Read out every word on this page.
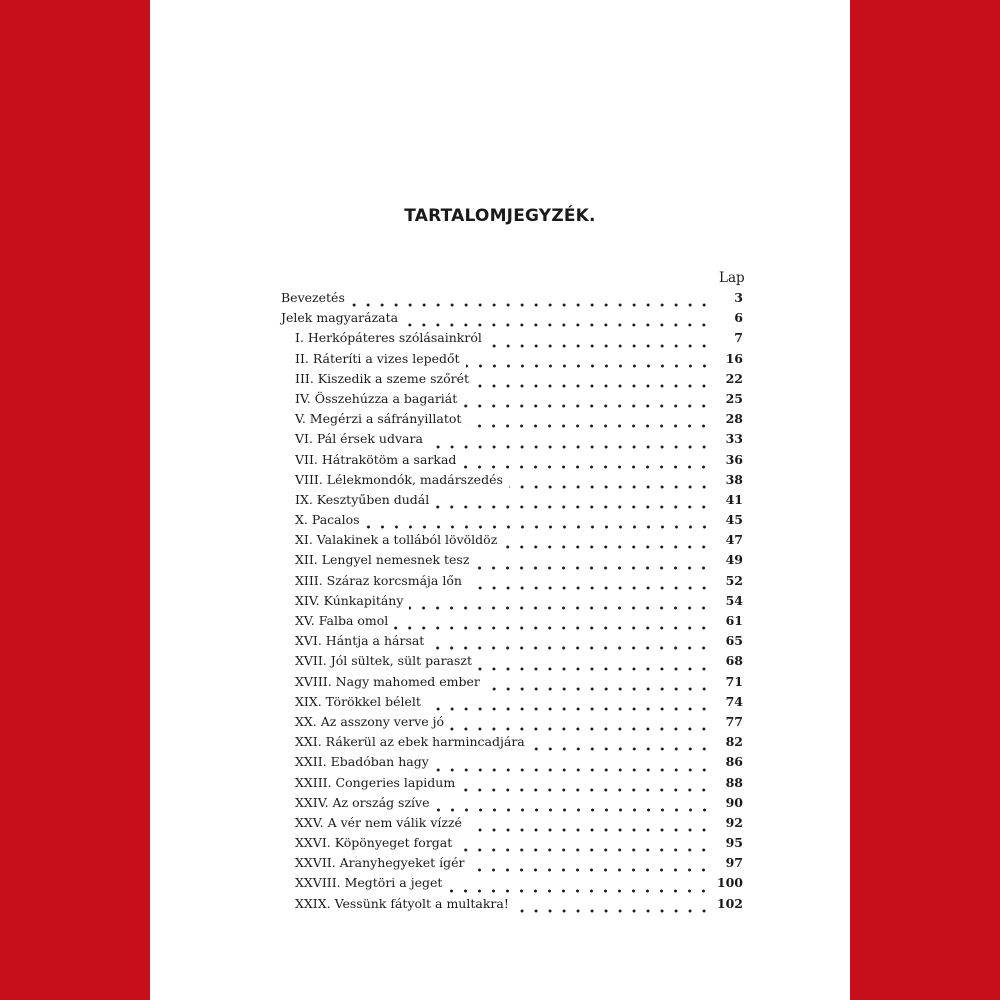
TARTALOMJEGYZÉK.
Lap
Bevezetés	3
Jelek magyarázata	6
I. Herkópáteres szólásainkról	7
II. Ráteríti a vizes lepedőt	16
III. Kiszedik a szeme szőrét	22
IV. Összehúzza a bagariát	25
V. Megérzi a sáfrányillatot	28
VI. Pál érsek udvara	33
VII. Hátrakötöm a sarkad	36
VIII. Lélekmondók, madárszedés	38
IX. Kesztyűben dudál	41
X. Pacalos	45
XI. Valakinek a tollából lövöldöz	47
XII. Lengyel nemesnek tesz	49
XIII. Száraz korcsmája lőn	52
XIV. Kúnkapitány	54
XV. Falba omol	61
XVI. Hántja a hársat	65
XVII. Jól sültek, sült paraszt	68
XVIII. Nagy mahomed ember	71
XIX. Törökkel bélelt	74
XX. Az asszony verve jó	77
XXI. Rákerül az ebek harmincadjára	82
XXII. Ebadóban hagy	86
XXIII. Congeries lapidum	88
XXIV. Az ország szíve	90
XXV. A vér nem válik vízzé	92
XXVI. Köpönyeget forgat	95
XXVII. Aranyhegyeket ígér	97
XXVIII. Megtöri a jeget	100
XXIX. Vessünk fátyolt a multakra!	102
